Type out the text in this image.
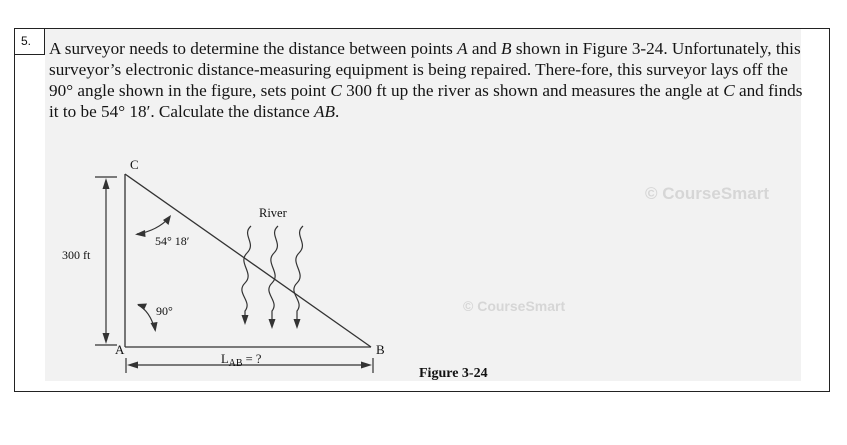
5.	A surveyor needs to determine the distance between points A and B shown in Figure 3-24. Unfortunately, this surveyor’s electronic distance-measuring equipment is being repaired. There-fore, this surveyor lays off the 90° angle shown in the figure, sets point C 300 ft up the river as shown and measures the angle at C and finds it to be 54° 18′. Calculate the distance AB.

© CourseSmart
© CourseSmart
300 ft
C
A	B
River
54° 18′
90°
$L_{AB}$ = ?
Figure 3-24
